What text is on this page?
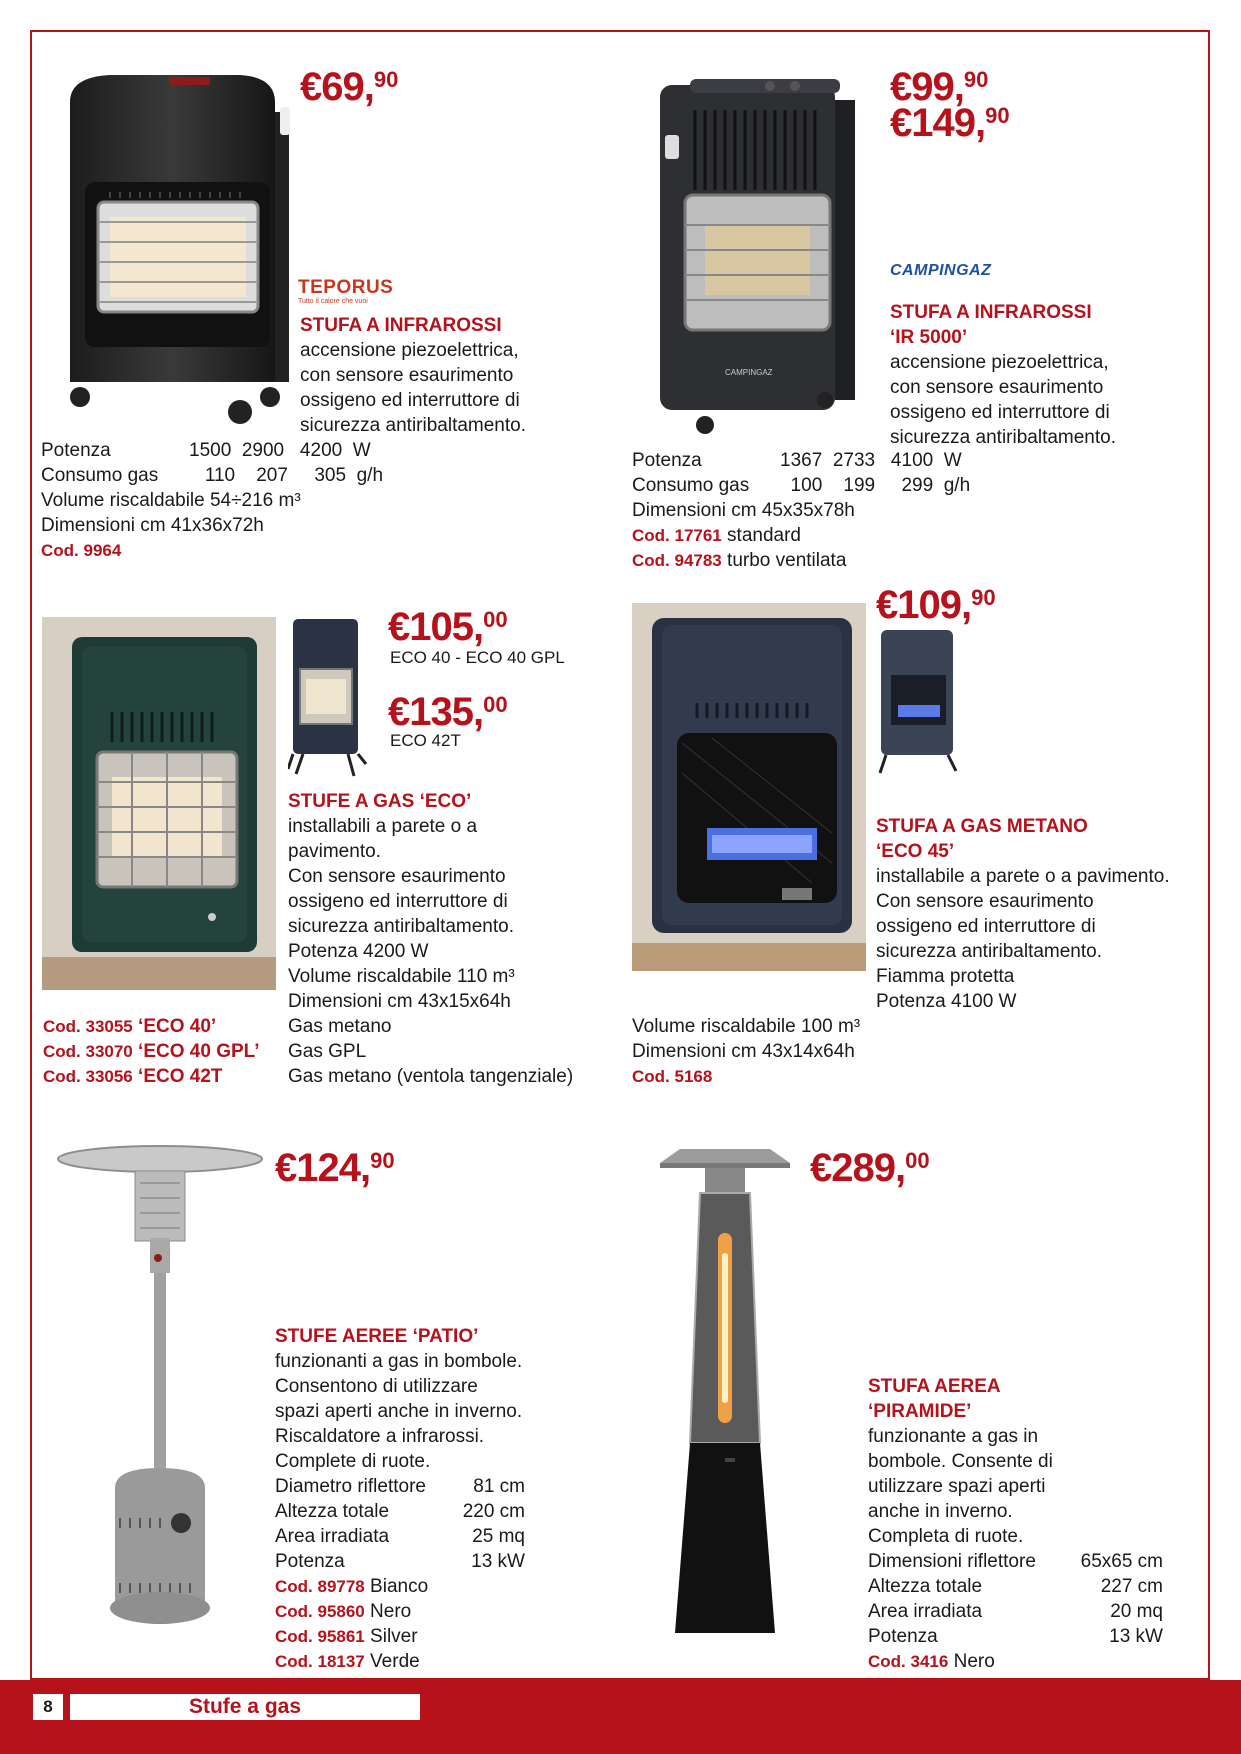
€69,90
TEPORUS
Tutto il calore che vuoi
STUFA A INFRAROSSI
accensione piezoelettrica,
con sensore esaurimento
ossigeno ed interruttore di
sicurezza antiribaltamento.
Potenza	1500  2900   4200  W
Consumo gas   110    207     305  g/h
Volume riscaldabile 54÷216 m³
Dimensioni cm 41x36x72h
Cod. 9964
CAMPINGAZ
€99,90
€149,90
CAMPINGAZ
STUFA A INFRAROSSI
‘IR 5000’
accensione piezoelettrica,
con sensore esaurimento
ossigeno ed interruttore di
sicurezza antiribaltamento.
Potenza	1367  2733   4100  W
Consumo gas  100    199     299  g/h
Dimensioni cm 45x35x78h
Cod. 17761 standard
Cod. 94783 turbo ventilata
€105,00
ECO 40 - ECO 40 GPL
€135,00
ECO 42T
STUFE A GAS ‘ECO’
installabili a parete o a
pavimento.
Con sensore esaurimento
ossigeno ed interruttore di
sicurezza antiribaltamento.
Potenza 4200 W
Volume riscaldabile 110 m³
Dimensioni cm 43x15x64h
Cod. 33055 ‘ECO 40’	Gas metano
Cod. 33070 ‘ECO 40 GPL’ Gas GPL
Cod. 33056 ‘ECO 42T	Gas metano (ventola tangenziale)
€109,90
STUFA A GAS METANO
‘ECO 45’
installabile a parete o a pavimento.
Con sensore esaurimento
ossigeno ed interruttore di
sicurezza antiribaltamento.
Fiamma protetta
Potenza 4100 W
Volume riscaldabile 100 m³
Dimensioni cm 43x14x64h
Cod. 5168
€124,90
STUFE AEREE ‘PATIO’
funzionanti a gas in bombole.
Consentono di utilizzare
spazi aperti anche in inverno.
Riscaldatore a infrarossi.
Complete di ruote.
Diametro riflettore	81 cm
Altezza totale	220 cm
Area irradiata	25 mq
Potenza	13 kW
Cod. 89778 Bianco
Cod. 95860 Nero
Cod. 95861 Silver
Cod. 18137 Verde
€289,00
STUFA AEREA
‘PIRAMIDE’
funzionante a gas in
bombole. Consente di
utilizzare spazi aperti
anche in inverno.
Completa di ruote.
Dimensioni riflettore	65x65 cm
Altezza totale	227 cm
Area irradiata	20 mq
Potenza	13 kW
Cod. 3416 Nero
8	Stufe a gas
